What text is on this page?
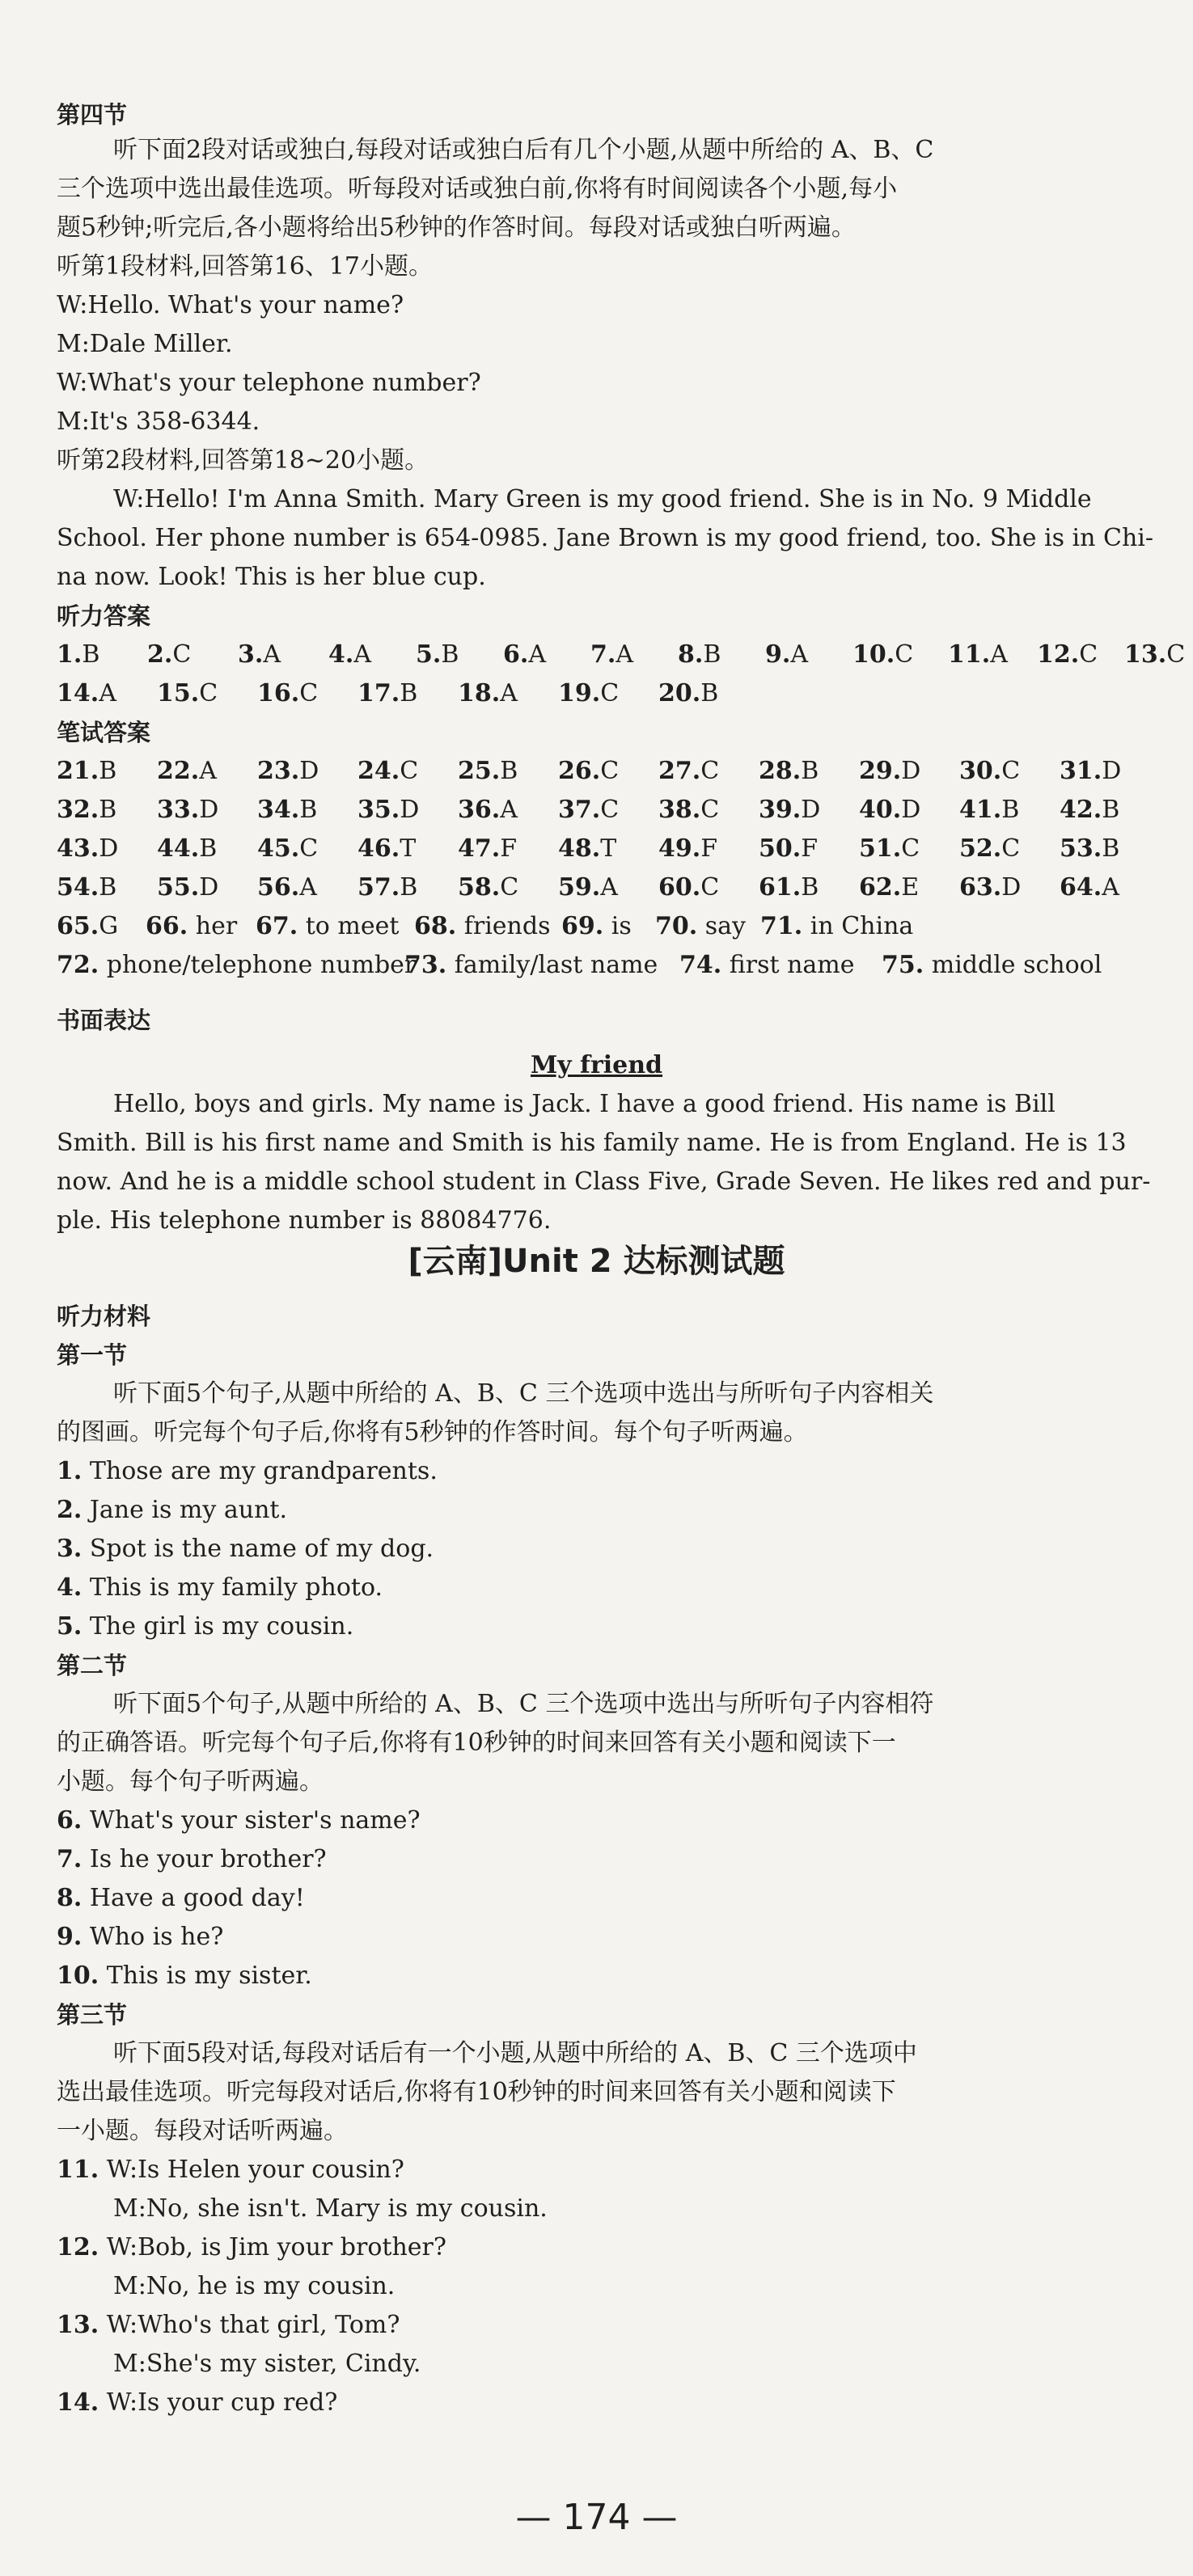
第四节
听下面2段对话或独白,每段对话或独白后有几个小题,从题中所给的 A、B、C
三个选项中选出最佳选项。听每段对话或独白前,你将有时间阅读各个小题,每小
题5秒钟;听完后,各小题将给出5秒钟的作答时间。每段对话或独白听两遍。
听第1段材料,回答第16、17小题。
W:Hello. What's your name?
M:Dale Miller.
W:What's your telephone number?
M:It's 358-6344.
听第2段材料,回答第18~20小题。
W:Hello! I'm Anna Smith. Mary Green is my good friend. She is in No. 9 Middle
School. Her phone number is 654-0985. Jane Brown is my good friend, too. She is in Chi-
na now. Look! This is her blue cup.
听力答案
1.B 2.C 3.A 4.A 5.B 6.A 7.A 8.B 9.A 10.C 11.A 12.C 13.C
14.A 15.C 16.C 17.B 18.A 19.C 20.B
笔试答案
21.B 22.A 23.D 24.C 25.B 26.C 27.C 28.B 29.D 30.C 31.D
32.B 33.D 34.B 35.D 36.A 37.C 38.C 39.D 40.D 41.B 42.B
43.D 44.B 45.C 46.T 47.F 48.T 49.F 50.F 51.C 52.C 53.B
54.B 55.D 56.A 57.B 58.C 59.A 60.C 61.B 62.E 63.D 64.A
65.G 66. her 67. to meet 68. friends 69. is 70. say 71. in China
72. phone/telephone number
73. family/last name 74. first name 75. middle school
书面表达
My friend
Hello, boys and girls. My name is Jack. I have a good friend. His name is Bill
Smith. Bill is his first name and Smith is his family name. He is from England. He is 13
now. And he is a middle school student in Class Five, Grade Seven. He likes red and pur-
ple. His telephone number is 88084776.
[云南]Unit 2 达标测试题
听力材料
第一节
听下面5个句子,从题中所给的 A、B、C 三个选项中选出与所听句子内容相关
的图画。听完每个句子后,你将有5秒钟的作答时间。每个句子听两遍。
1. Those are my grandparents.
2. Jane is my aunt.
3. Spot is the name of my dog.
4. This is my family photo.
5. The girl is my cousin.
第二节
听下面5个句子,从题中所给的 A、B、C 三个选项中选出与所听句子内容相符
的正确答语。听完每个句子后,你将有10秒钟的时间来回答有关小题和阅读下一
小题。每个句子听两遍。
6. What's your sister's name?
7. Is he your brother?
8. Have a good day!
9. Who is he?
10. This is my sister.
第三节
听下面5段对话,每段对话后有一个小题,从题中所给的 A、B、C 三个选项中
选出最佳选项。听完每段对话后,你将有10秒钟的时间来回答有关小题和阅读下
一小题。每段对话听两遍。
11. W:Is Helen your cousin?
M:No, she isn't. Mary is my cousin.
12. W:Bob, is Jim your brother?
M:No, he is my cousin.
13. W:Who's that girl, Tom?
M:She's my sister, Cindy.
14. W:Is your cup red?
— 174 —
